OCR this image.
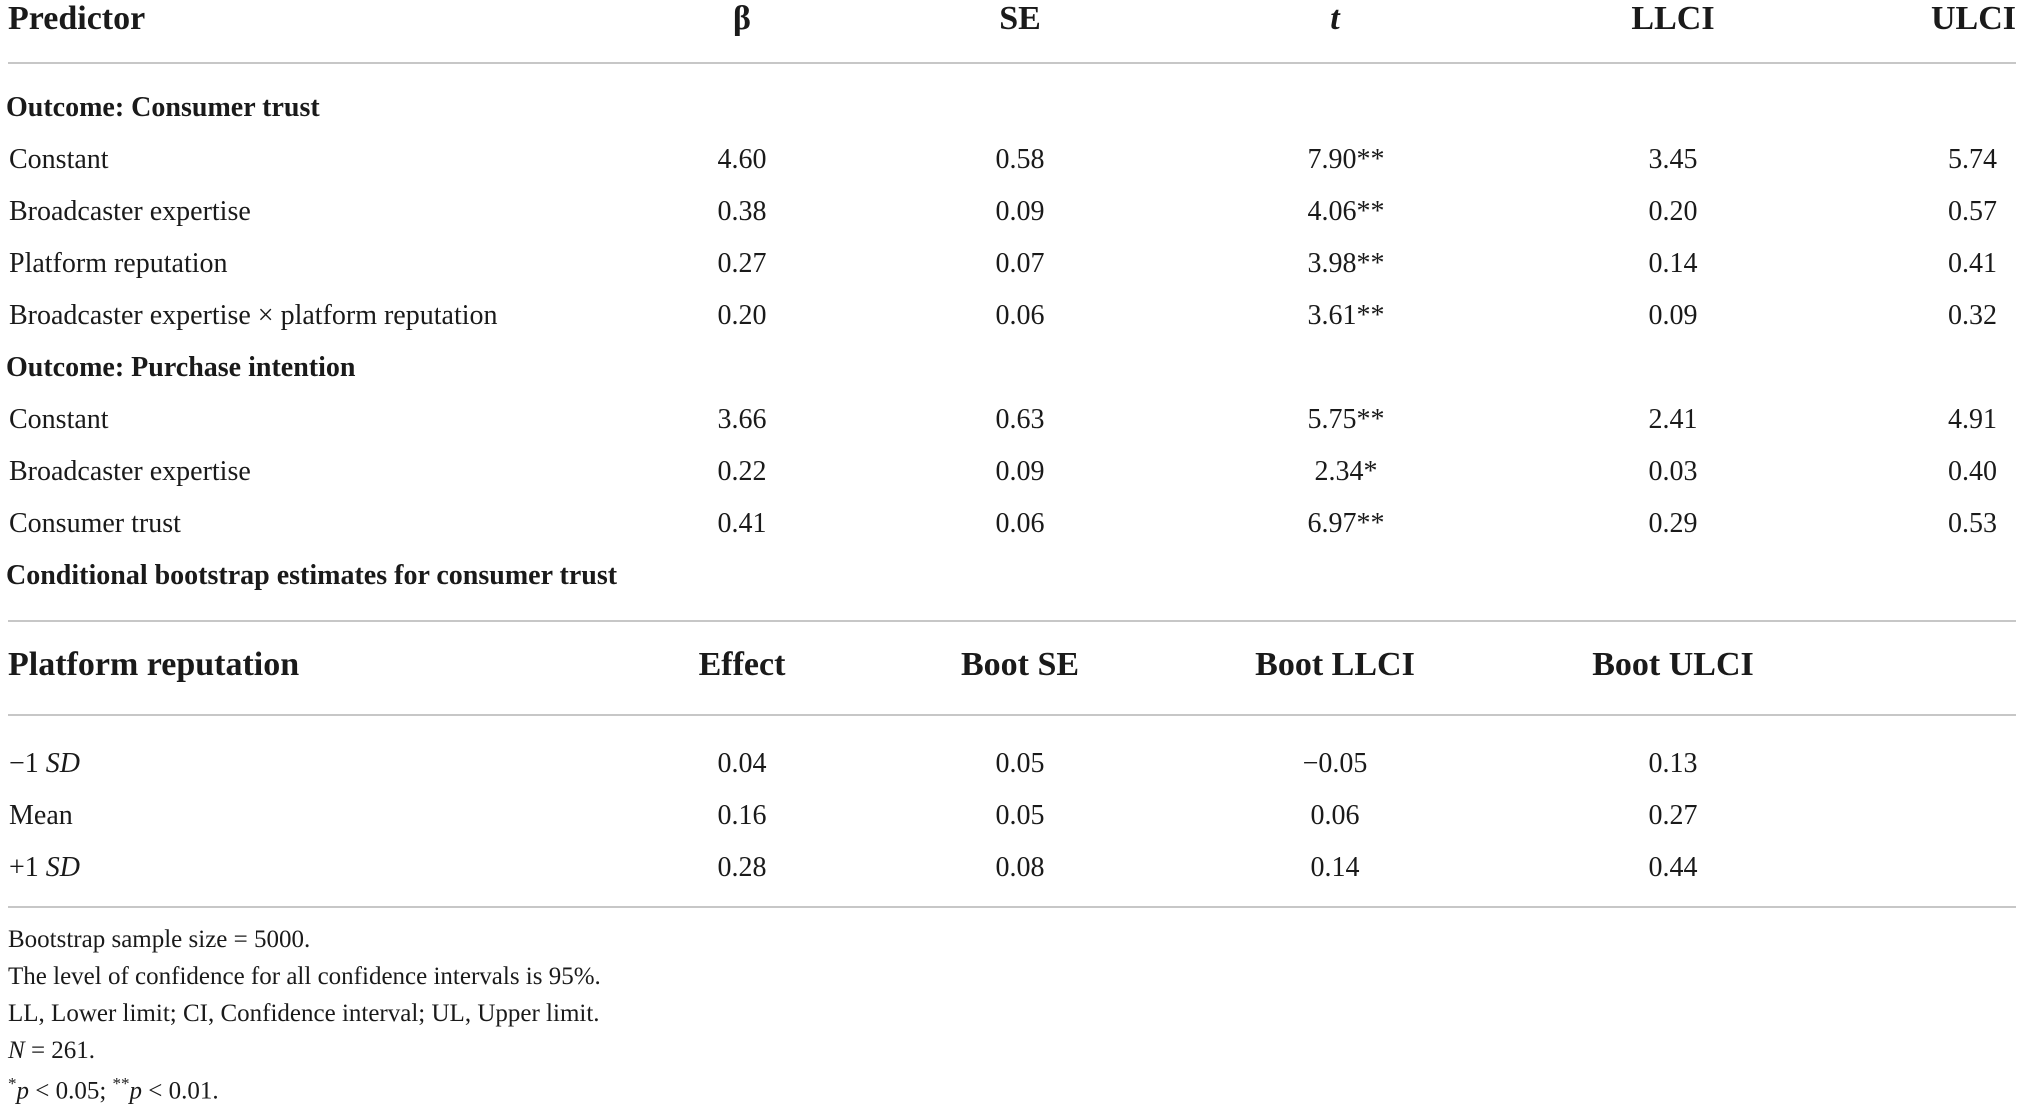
Predictor	β	SE	t	LLCI	ULCI
Outcome: Consumer trust
Constant	4.60	0.58	7.90**	3.45	5.74
Broadcaster expertise	0.38	0.09	4.06**	0.20	0.57
Platform reputation	0.27	0.07	3.98**	0.14	0.41
Broadcaster expertise × platform reputation	0.20	0.06	3.61**	0.09	0.32
Outcome: Purchase intention
Constant	3.66	0.63	5.75**	2.41	4.91
Broadcaster expertise	0.22	0.09	2.34*	0.03	0.40
Consumer trust	0.41	0.06	6.97**	0.29	0.53
Conditional bootstrap estimates for consumer trust
Platform reputation	Effect	Boot SE	Boot LLCI	Boot ULCI
−1 SD	0.04	0.05	−0.05	0.13
Mean	0.16	0.05	0.06	0.27
+1 SD	0.28	0.08	0.14	0.44
Bootstrap sample size = 5000.
The level of confidence for all confidence intervals is 95%.
LL, Lower limit; CI, Confidence interval; UL, Upper limit.
N = 261.
*p < 0.05; **p < 0.01.
